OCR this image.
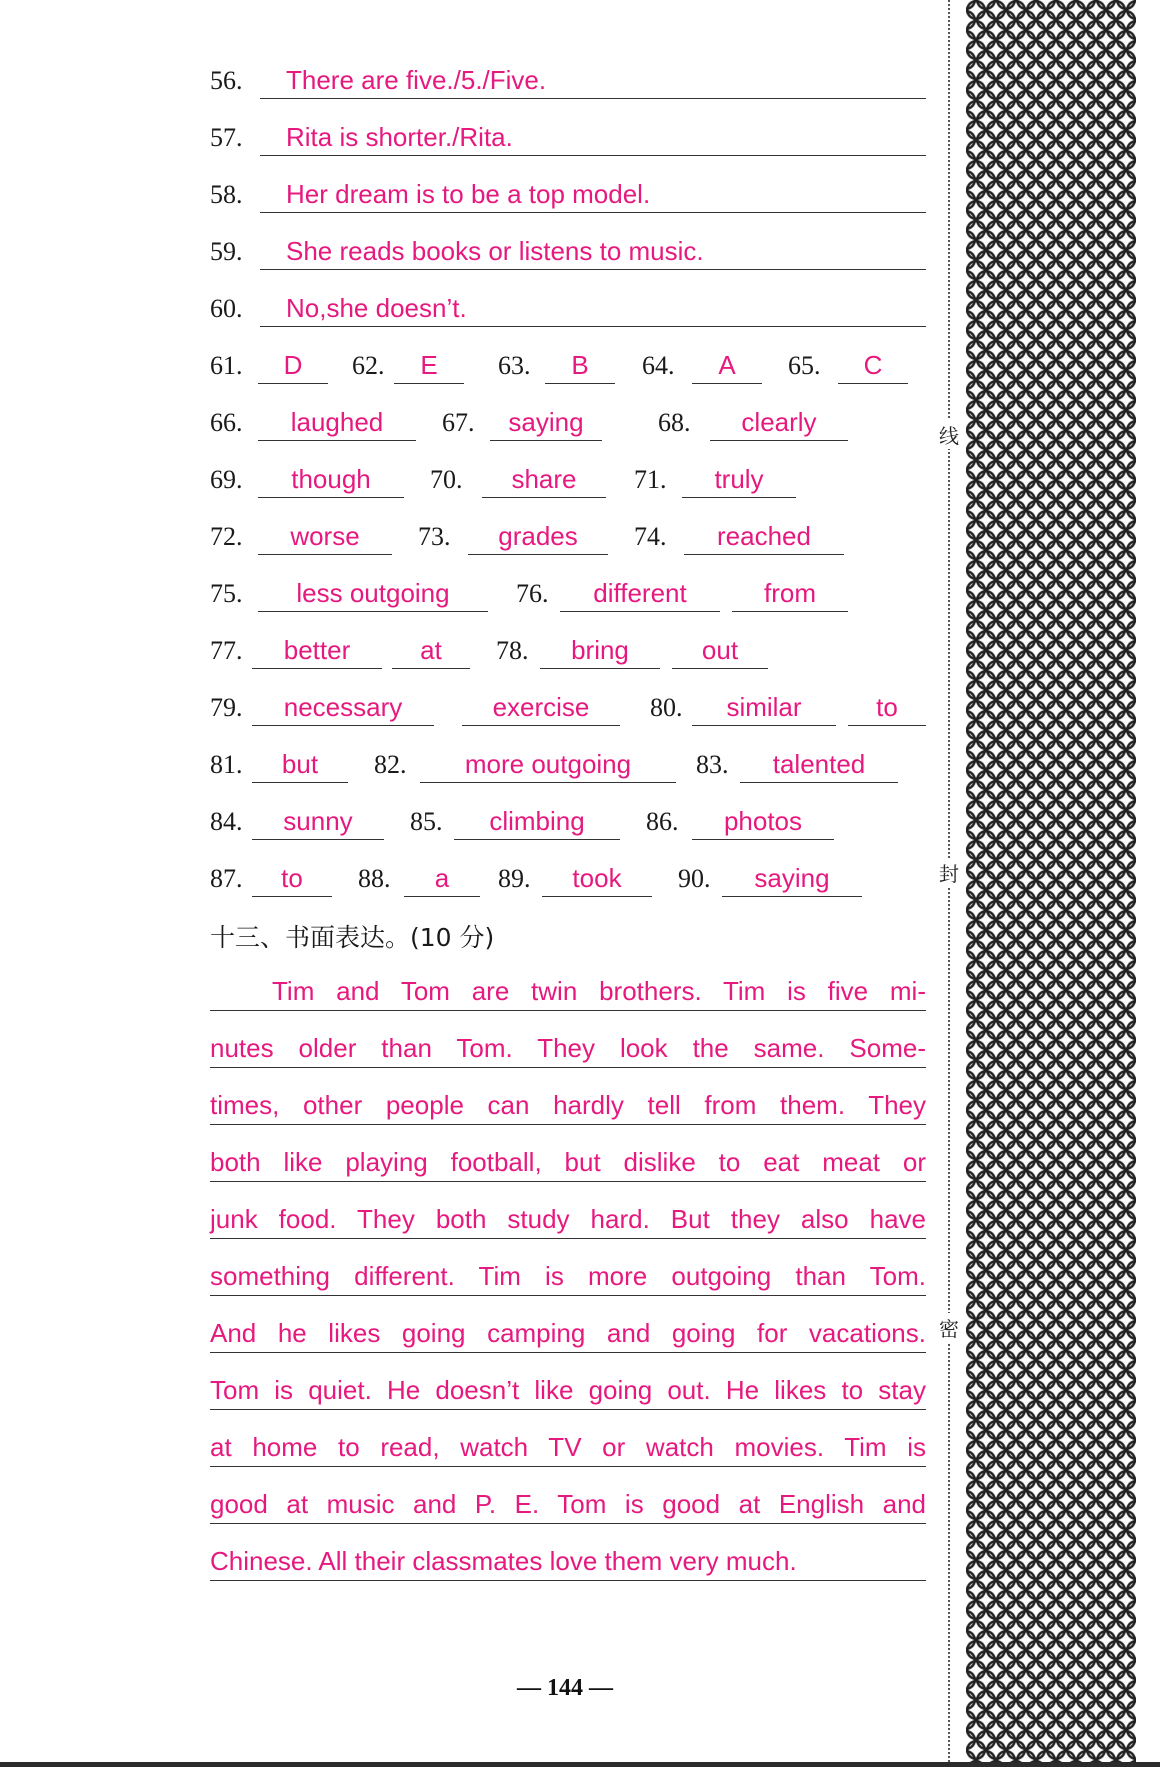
56.	There are five./5./Five.
57.	Rita is shorter./Rita.
58.	Her dream is to be a top model.
59.	She reads books or listens to music.
60.	No,she doesn’t.
61.	D	62.	E	63.	B	64.	A	65.	C
66.	laughed	67.	saying	68.	clearly
69.	though	70.	share	71.	truly
72.	worse	73.	grades	74.	reached
75.	less outgoing	76.	different	from
77.	better	at	78.	bring	out
79.	necessary	exercise	80.	similar	to
81.	but	82.	more outgoing	83.	talented
84.	sunny	85.	climbing	86.	photos
87.	to	88.	a	89.	took	90.	saying
十三、书面表达。(10 分)
Tim and Tom are twin brothers. Tim is five mi-
nutes older than Tom. They look the same. Some-
times, other people can hardly tell from them. They
both like playing football, but dislike to eat meat or
junk food. They both study hard. But they also have
something different. Tim is more outgoing than Tom.
And he likes going camping and going for vacations.
Tom is quiet. He doesn’t like going out. He likes to stay
at home to read, watch TV or watch movies. Tim is
good at music and P. E. Tom is good at English and
Chinese. All their classmates love them very much.
— 144 —
线
封
密
